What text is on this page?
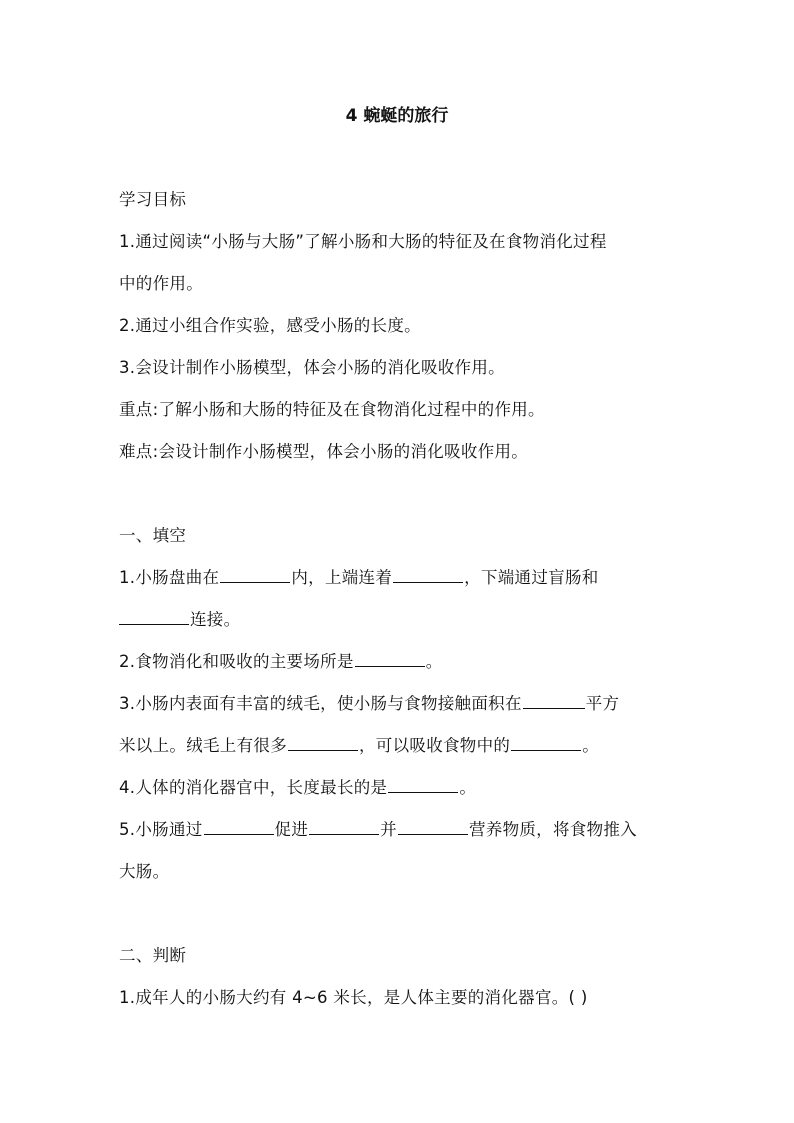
4 蜿蜒的旅行
学习目标
1.通过阅读“小肠与大肠”了解小肠和大肠的特征及在食物消化过程
中的作用。
2.通过小组合作实验，感受小肠的长度。
3.会设计制作小肠模型，体会小肠的消化吸收作用。
重点:了解小肠和大肠的特征及在食物消化过程中的作用。
难点:会设计制作小肠模型，体会小肠的消化吸收作用。
一、填空
1.小肠盘曲在	内，上端连着	，下端通过盲肠和
连接。
2.食物消化和吸收的主要场所是	。
3.小肠内表面有丰富的绒毛，使小肠与食物接触面积在	平方
米以上。绒毛上有很多	，可以吸收食物中的	。
4.人体的消化器官中，长度最长的是	。
5.小肠通过	促进	并	营养物质，将食物推入
大肠。
二、判断
1.成年人的小肠大约有 4~6 米长，是人体主要的消化器官。( )
